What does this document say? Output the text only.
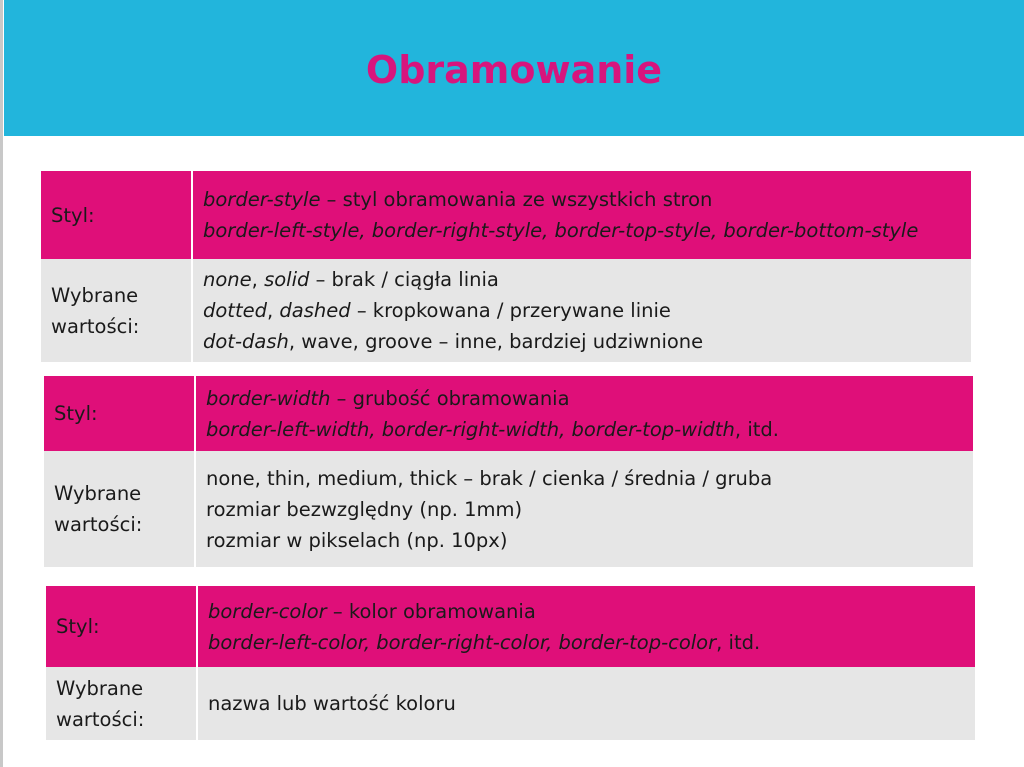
Obramowanie
Styl:
border-style – styl obramowania ze wszystkich stron
border-left-style, border-right-style, border-top-style, border-bottom-style
Wybrane
wartości:
none, solid – brak / ciągła linia
dotted, dashed – kropkowana / przerywane linie
dot-dash, wave, groove – inne, bardziej udziwnione
Styl:
border-width – grubość obramowania
border-left-width, border-right-width, border-top-width, itd.
Wybrane
wartości:
none, thin, medium, thick – brak / cienka / średnia / gruba
rozmiar bezwzględny (np. 1mm)
rozmiar w pikselach (np. 10px)
Styl:
border-color – kolor obramowania
border-left-color, border-right-color, border-top-color, itd.
Wybrane
wartości:
nazwa lub wartość koloru
